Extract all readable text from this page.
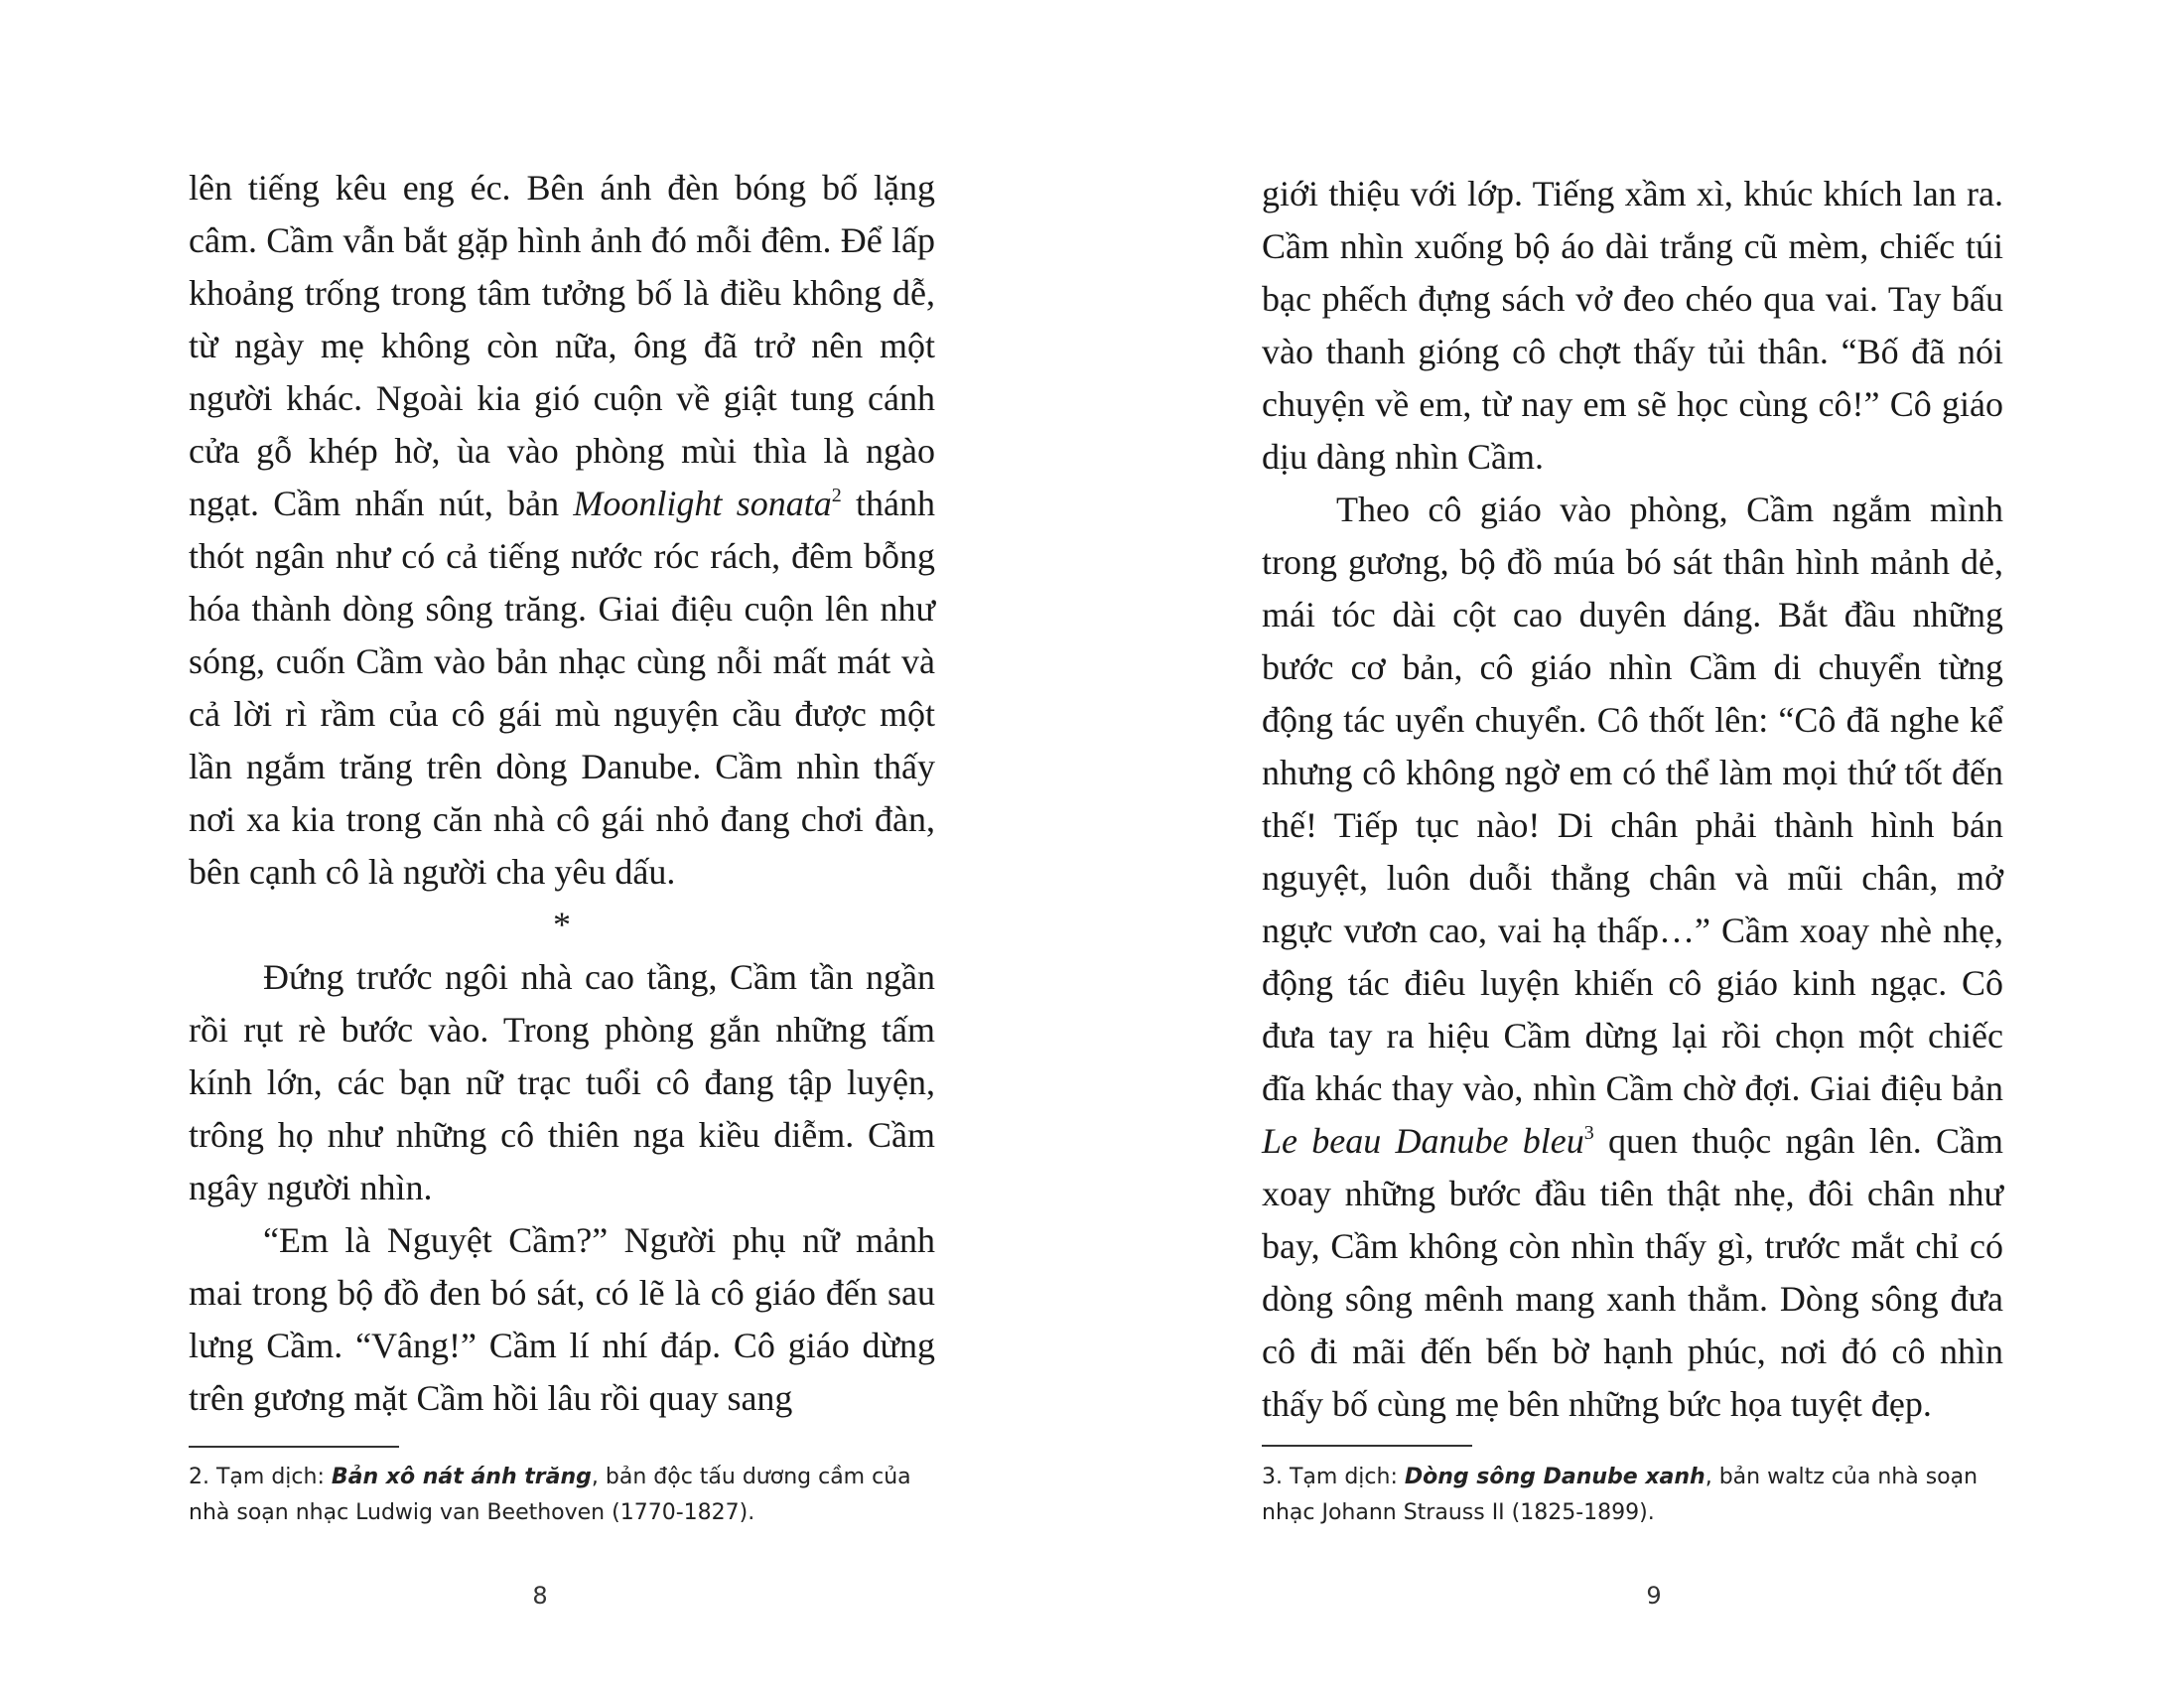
lên tiếng kêu eng éc. Bên ánh đèn bóng bố lặng câm. Cầm vẫn bắt gặp hình ảnh đó mỗi đêm. Để lấp khoảng trống trong tâm tưởng bố là điều không dễ, từ ngày mẹ không còn nữa, ông đã trở nên một người khác. Ngoài kia gió cuộn về giật tung cánh cửa gỗ khép hờ, ùa vào phòng mùi thìa là ngào ngạt. Cầm nhấn nút, bản Moonlight sonata$^2$ thánh thót ngân như có cả tiếng nước róc rách, đêm bỗng hóa thành dòng sông trăng. Giai điệu cuộn lên như sóng, cuốn Cầm vào bản nhạc cùng nỗi mất mát và cả lời rì rầm của cô gái mù nguyện cầu được một lần ngắm trăng trên dòng Danube. Cầm nhìn thấy nơi xa kia trong căn nhà cô gái nhỏ đang chơi đàn, bên cạnh cô là người cha yêu dấu.

*

Đứng trước ngôi nhà cao tầng, Cầm tần ngần rồi rụt rè bước vào. Trong phòng gắn những tấm kính lớn, các bạn nữ trạc tuổi cô đang tập luyện, trông họ như những cô thiên nga kiều diễm. Cầm ngây người nhìn.

“Em là Nguyệt Cầm?” Người phụ nữ mảnh mai trong bộ đồ đen bó sát, có lẽ là cô giáo đến sau lưng Cầm. “Vâng!” Cầm lí nhí đáp. Cô giáo dừng trên gương mặt Cầm hồi lâu rồi quay sang

2. Tạm dịch: Bản xô nát ánh trăng, bản độc tấu dương cầm của nhà soạn nhạc Ludwig van Beethoven (1770-1827).

8

giới thiệu với lớp. Tiếng xầm xì, khúc khích lan ra. Cầm nhìn xuống bộ áo dài trắng cũ mèm, chiếc túi bạc phếch đựng sách vở đeo chéo qua vai. Tay bấu vào thanh gióng cô chợt thấy tủi thân. “Bố đã nói chuyện về em, từ nay em sẽ học cùng cô!” Cô giáo dịu dàng nhìn Cầm.

Theo cô giáo vào phòng, Cầm ngắm mình trong gương, bộ đồ múa bó sát thân hình mảnh dẻ, mái tóc dài cột cao duyên dáng. Bắt đầu những bước cơ bản, cô giáo nhìn Cầm di chuyển từng động tác uyển chuyển. Cô thốt lên: “Cô đã nghe kể nhưng cô không ngờ em có thể làm mọi thứ tốt đến thế! Tiếp tục nào! Di chân phải thành hình bán nguyệt, luôn duỗi thẳng chân và mũi chân, mở ngực vươn cao, vai hạ thấp…” Cầm xoay nhè nhẹ, động tác điêu luyện khiến cô giáo kinh ngạc. Cô đưa tay ra hiệu Cầm dừng lại rồi chọn một chiếc đĩa khác thay vào, nhìn Cầm chờ đợi. Giai điệu bản Le beau Danube bleu$^3$ quen thuộc ngân lên. Cầm xoay những bước đầu tiên thật nhẹ, đôi chân như bay, Cầm không còn nhìn thấy gì, trước mắt chỉ có dòng sông mênh mang xanh thẳm. Dòng sông đưa cô đi mãi đến bến bờ hạnh phúc, nơi đó cô nhìn thấy bố cùng mẹ bên những bức họa tuyệt đẹp.

3. Tạm dịch: Dòng sông Danube xanh, bản waltz của nhà soạn nhạc Johann Strauss II (1825-1899).

9
